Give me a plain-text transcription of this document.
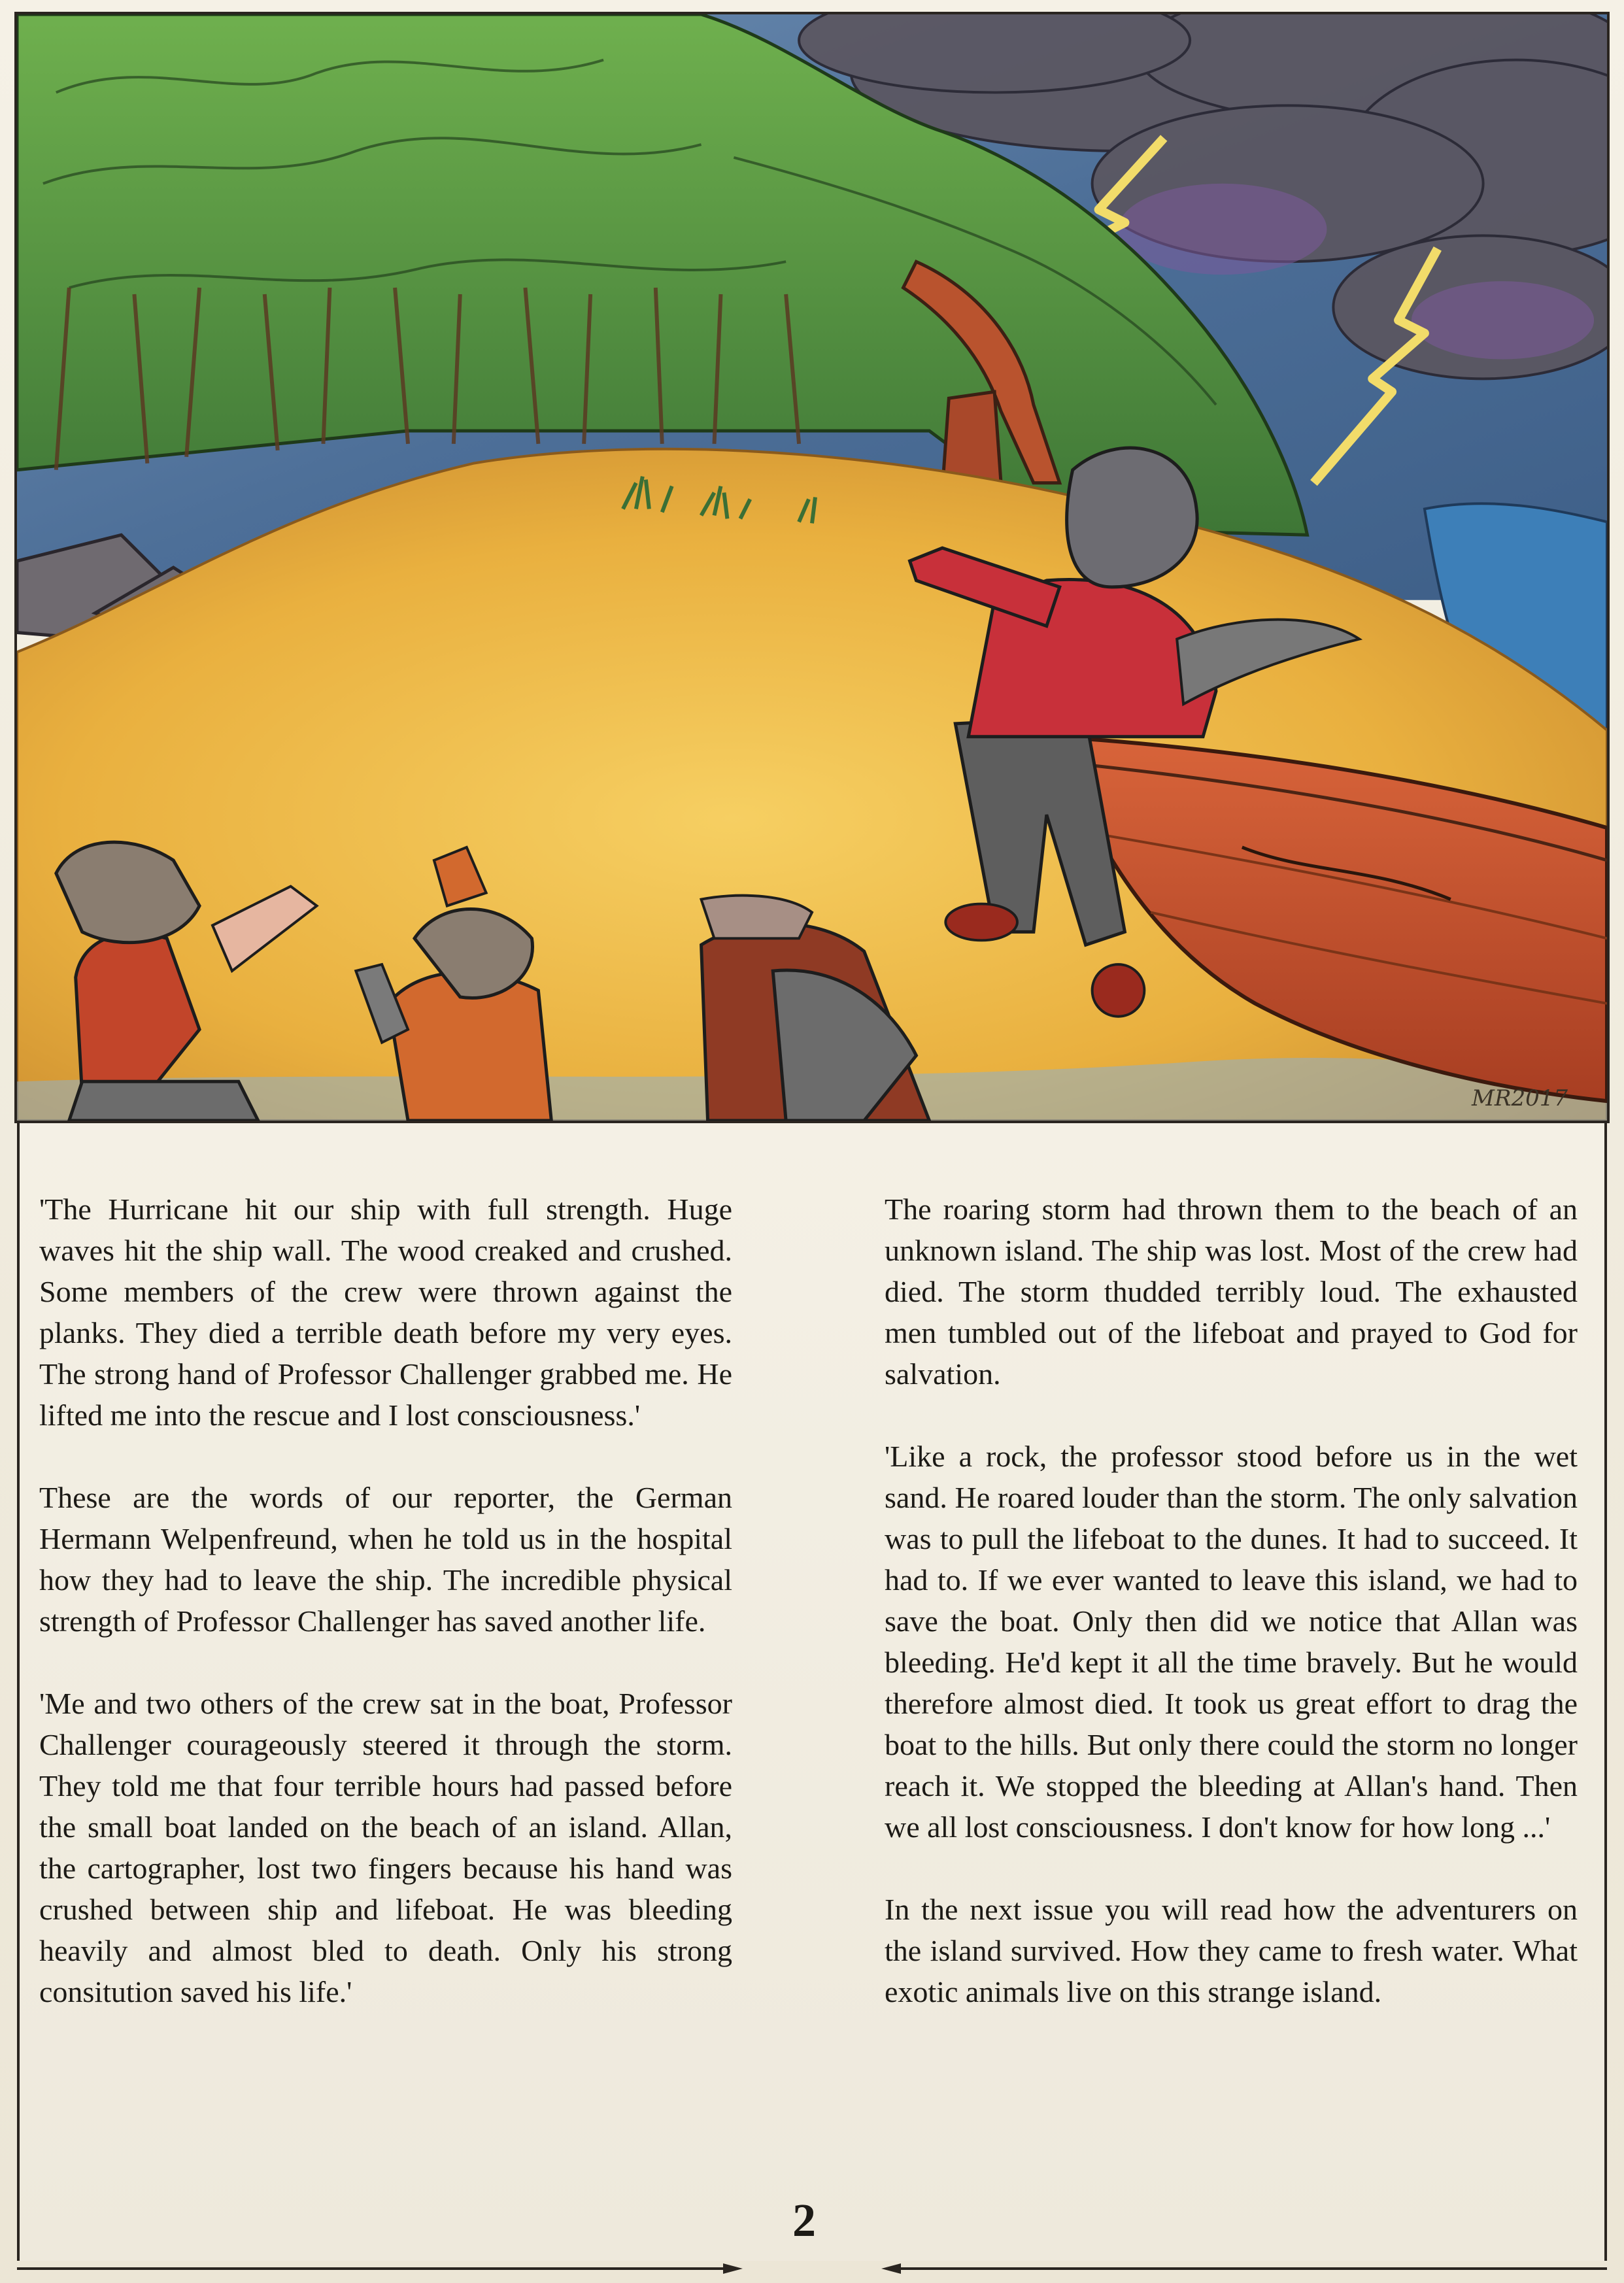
MR2017

'The Hurricane hit our ship with full strength. Huge waves hit the ship wall. The wood creaked and crushed. Some members of the crew were thrown against the planks. They died a terrible death before my very eyes. The strong hand of Professor Challenger grabbed me. He lifted me into the rescue and I lost consciousness.'

These are the words of our reporter, the German Hermann Welpenfreund, when he told us in the hospital how they had to leave the ship. The incredible physical strength of Professor Challenger has saved another life.

'Me and two others of the crew sat in the boat, Professor Challenger courageously steered it through the storm. They told me that four terrible hours had passed before the small boat landed on the beach of an island. Allan, the cartographer, lost two fingers because his hand was crushed between ship and lifeboat. He was bleeding heavily and almost bled to death. Only his strong consitution saved his life.'

The roaring storm had thrown them to the beach of an unknown island. The ship was lost. Most of the crew had died. The storm thudded terribly loud. The exhausted men tumbled out of the lifeboat and prayed to God for salvation.

'Like a rock, the professor stood before us in the wet sand. He roared louder than the storm. The only salvation was to pull the lifeboat to the dunes. It had to succeed. It had to. If we ever wanted to leave this island, we had to save the boat. Only then did we notice that Allan was bleeding. He'd kept it all the time bravely. But he would therefore almost died. It took us great effort to drag the boat to the hills. But only there could the storm no longer reach it. We stopped the bleeding at Allan's hand. Then we all lost consciousness. I don't know for how long ...'

In the next issue you will read how the adventurers on the island survived. How they came to fresh water. What exotic animals live on this strange island.

2
